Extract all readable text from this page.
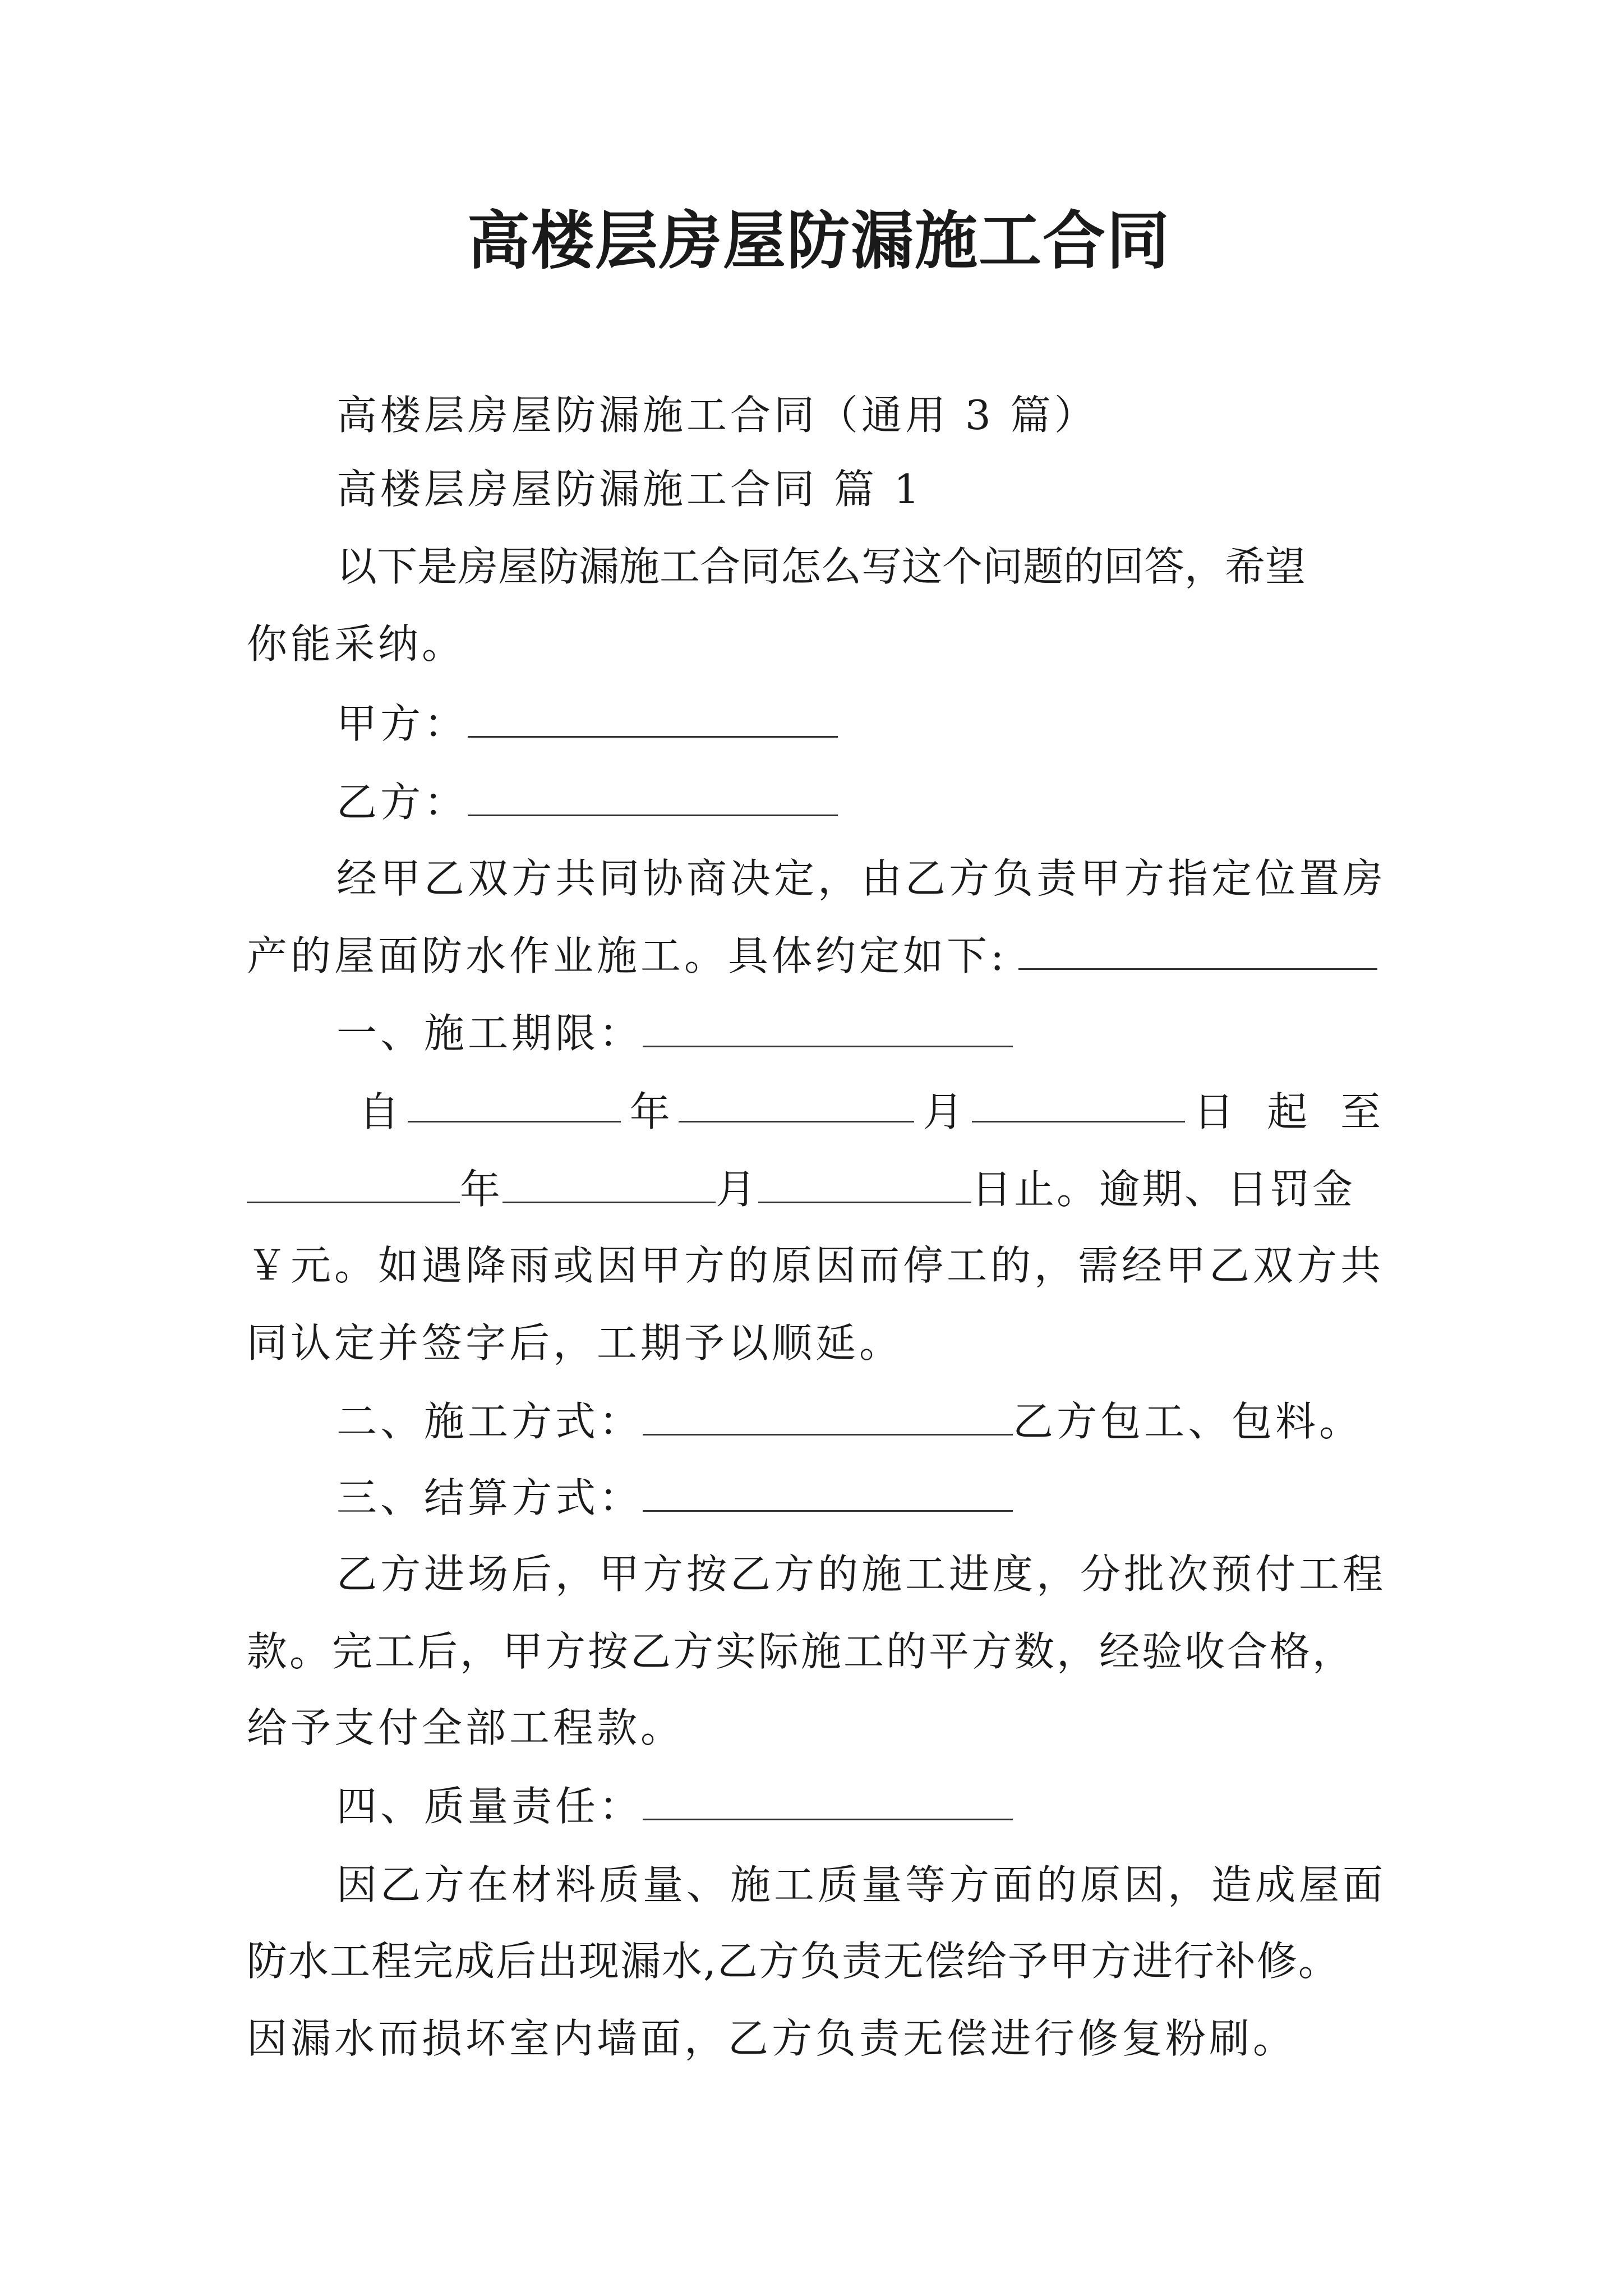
高楼层房屋防漏施工合同
高楼层房屋防漏施工合同（通用 3 篇）
高楼层房屋防漏施工合同 篇 1
以下是房屋防漏施工合同怎么写这个问题的回答，希望
你能采纳。
甲方：
乙方：
经甲乙双方共同协商决定，由乙方负责甲方指定位置房
产的屋面防水作业施工。具体约定如下:
一、施工期限：
自	年	月	日 起 至
年	月	日止。逾期、日罚金
￥元。如遇降雨或因甲方的原因而停工的，需经甲乙双方共
同认定并签字后，工期予以顺延。
二、施工方式：	乙方包工、包料。
三、结算方式：
乙方进场后，甲方按乙方的施工进度，分批次预付工程
款。完工后，甲方按乙方实际施工的平方数，经验收合格，
给予支付全部工程款。
四、质量责任：
因乙方在材料质量、施工质量等方面的原因，造成屋面
防水工程完成后出现漏水,乙方负责无偿给予甲方进行补修。
因漏水而损坏室内墙面，乙方负责无偿进行修复粉刷。
